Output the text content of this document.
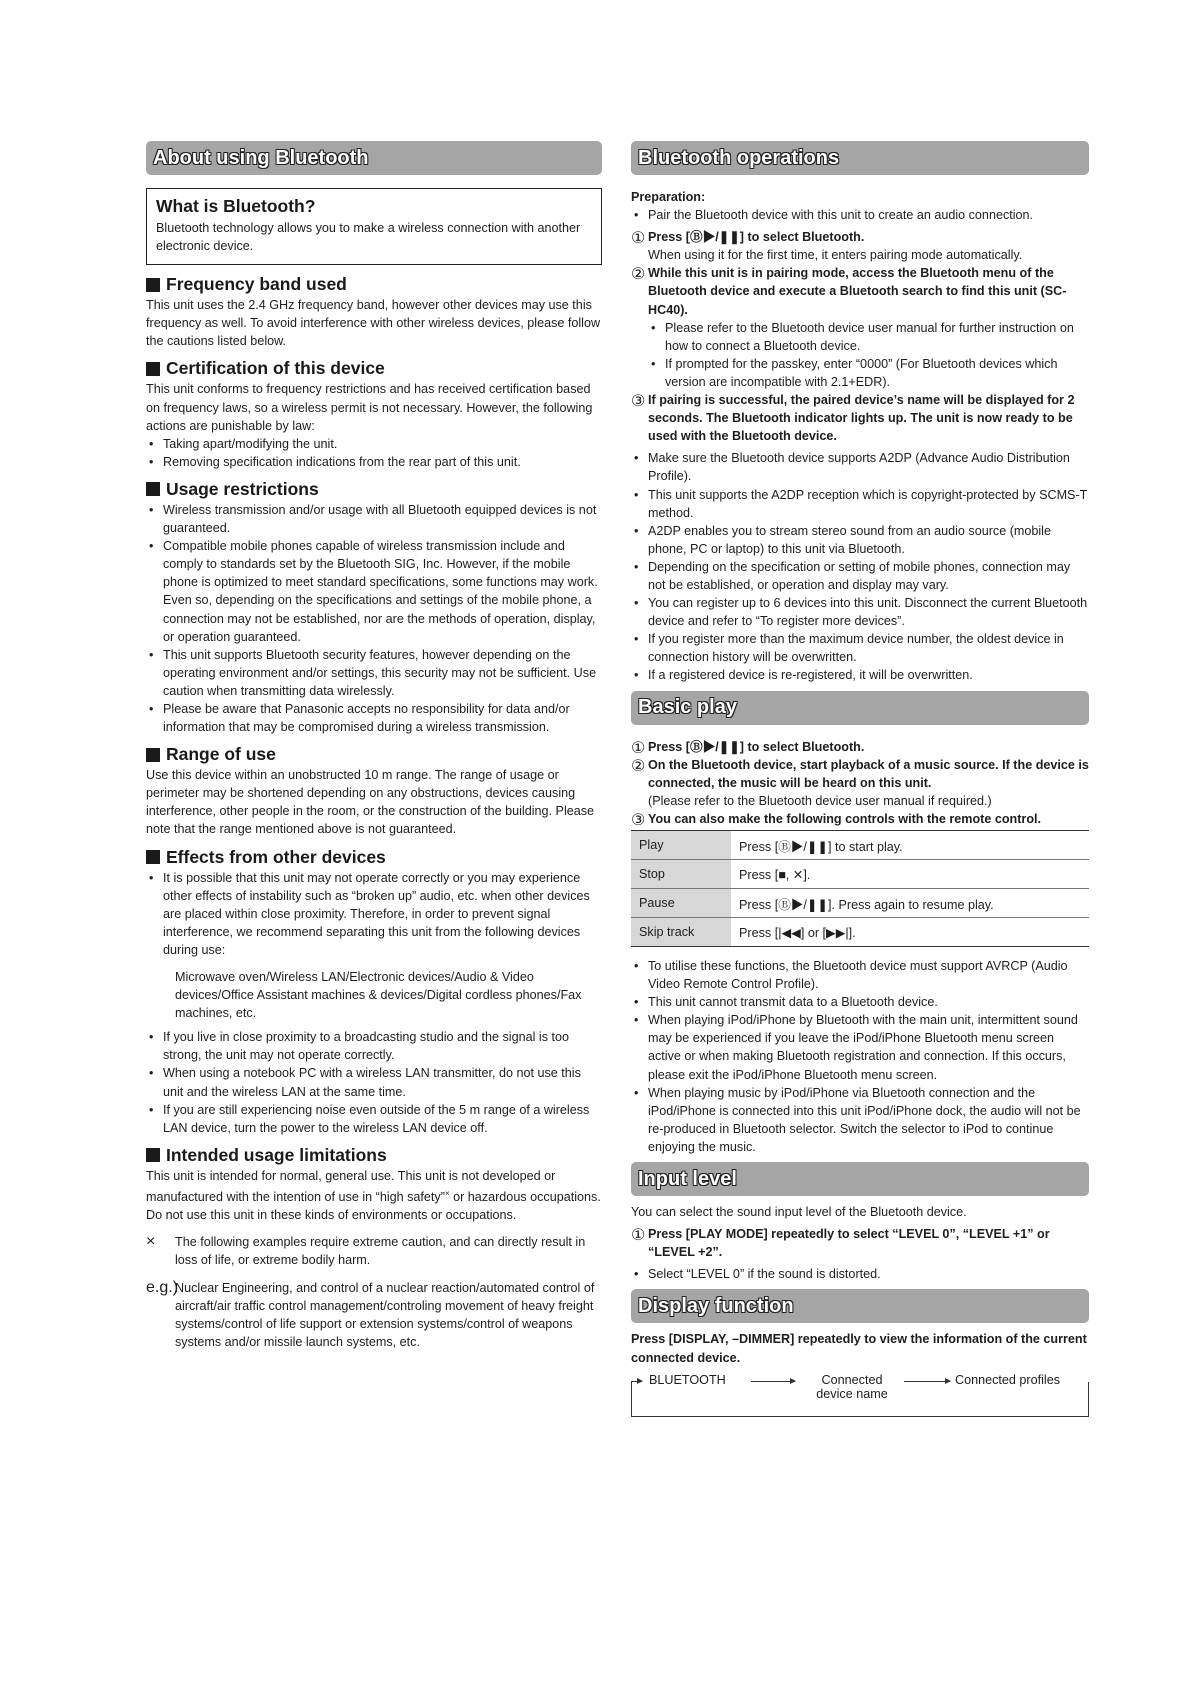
About using Bluetooth
What is Bluetooth?

Bluetooth technology allows you to make a wireless connection with another electronic device.

Frequency band used

This unit uses the 2.4 GHz frequency band, however other devices may use this frequency as well. To avoid interference with other wireless devices, please follow the cautions listed below.

Certification of this device

This unit conforms to frequency restrictions and has received certification based on frequency laws, so a wireless permit is not necessary. However, the following actions are punishable by law:

• Taking apart/modifying the unit.
• Removing specification indications from the rear part of this unit.
Usage restrictions
• Wireless transmission and/or usage with all Bluetooth equipped devices is not guaranteed.
• Compatible mobile phones capable of wireless transmission include and comply to standards set by the Bluetooth SIG, Inc. However, if the mobile phone is optimized to meet standard specifications, some functions may work. Even so, depending on the specifications and settings of the mobile phone, a connection may not be established, nor are the methods of operation, display, or operation guaranteed.
• This unit supports Bluetooth security features, however depending on the operating environment and/or settings, this security may not be sufficient. Use caution when transmitting data wirelessly.
• Please be aware that Panasonic accepts no responsibility for data and/or information that may be compromised during a wireless transmission.
Range of use

Use this device within an unobstructed 10 m range. The range of usage or perimeter may be shortened depending on any obstructions, devices causing interference, other people in the room, or the construction of the building. Please note that the range mentioned above is not guaranteed.

Effects from other devices
• It is possible that this unit may not operate correctly or you may experience other effects of instability such as “broken up” audio, etc. when other devices are placed within close proximity. Therefore, in order to prevent signal interference, we recommend separating this unit from the following devices during use:

Microwave oven/Wireless LAN/Electronic devices/Audio & Video devices/Office Assistant machines & devices/Digital cordless phones/Fax machines, etc.

• If you live in close proximity to a broadcasting studio and the signal is too strong, the unit may not operate correctly.
• When using a notebook PC with a wireless LAN transmitter, do not use this unit and the wireless LAN at the same time.
• If you are still experiencing noise even outside of the 5 m range of a wireless LAN device, turn the power to the wireless LAN device off.
Intended usage limitations

This unit is intended for normal, general use. This unit is not developed or manufactured with the intention of use in “high safety”× or hazardous occupations. Do not use this unit in these kinds of environments or occupations.

× The following examples require extreme caution, and can directly result in loss of life, or extreme bodily harm.

e.g.)

Nuclear Engineering, and control of a nuclear reaction/automated control of aircraft/air traffic control management/controling movement of heavy freight systems/control of life support or extension systems/control of weapons systems and/or missile launch systems, etc.

Bluetooth operations

Preparation:

• Pair the Bluetooth device with this unit to create an audio connection.
① Press [Ⓑ▶/❚❚] to select Bluetooth.

When using it for the first time, it enters pairing mode automatically.

② While this unit is in pairing mode, access the Bluetooth menu of the Bluetooth device and execute a Bluetooth search to find this unit (SC-HC40).

• Please refer to the Bluetooth device user manual for further instruction on how to connect a Bluetooth device.
• If prompted for the passkey, enter “0000” (For Bluetooth devices which version are incompatible with 2.1+EDR).
③ If pairing is successful, the paired device’s name will be displayed for 2 seconds. The Bluetooth indicator lights up. The unit is now ready to be used with the Bluetooth device.

• Make sure the Bluetooth device supports A2DP (Advance Audio Distribution Profile).
• This unit supports the A2DP reception which is copyright-protected by SCMS-T method.
• A2DP enables you to stream stereo sound from an audio source (mobile phone, PC or laptop) to this unit via Bluetooth.
• Depending on the specification or setting of mobile phones, connection may not be established, or operation and display may vary.
• You can register up to 6 devices into this unit. Disconnect the current Bluetooth device and refer to “To register more devices”.
• If you register more than the maximum device number, the oldest device in connection history will be overwritten.
• If a registered device is re-registered, it will be overwritten.
Basic play
① Press [Ⓑ▶/❚❚] to select Bluetooth.

② On the Bluetooth device, start playback of a music source. If the device is connected, the music will be heard on this unit.

(Please refer to the Bluetooth device user manual if required.)

③ You can also make the following controls with the remote control.

Play	Press [Ⓑ▶/❚❚] to start play.
Stop	Press [■, ✕].
Pause	Press [Ⓑ▶/❚❚]. Press again to resume play.
Skip track	Press [|◀◀] or [▶▶|].
• To utilise these functions, the Bluetooth device must support AVRCP (Audio Video Remote Control Profile).
• This unit cannot transmit data to a Bluetooth device.
• When playing iPod/iPhone by Bluetooth with the main unit, intermittent sound may be experienced if you leave the iPod/iPhone Bluetooth menu screen active or when making Bluetooth registration and connection. If this occurs, please exit the iPod/iPhone Bluetooth menu screen.
• When playing music by iPod/iPhone via Bluetooth connection and the iPod/iPhone is connected into this unit iPod/iPhone dock, the audio will not be re-produced in Bluetooth selector. Switch the selector to iPod to continue enjoying the music.
Input level

You can select the sound input level of the Bluetooth device.

① Press [PLAY MODE] repeatedly to select “LEVEL 0”, “LEVEL +1” or “LEVEL +2”.

• Select “LEVEL 0” if the sound is distorted.
Display function

Press [DISPLAY, –DIMMER] repeatedly to view the information of the current connected device.

BLUETOOTH	Connected
device name
Connected profiles
